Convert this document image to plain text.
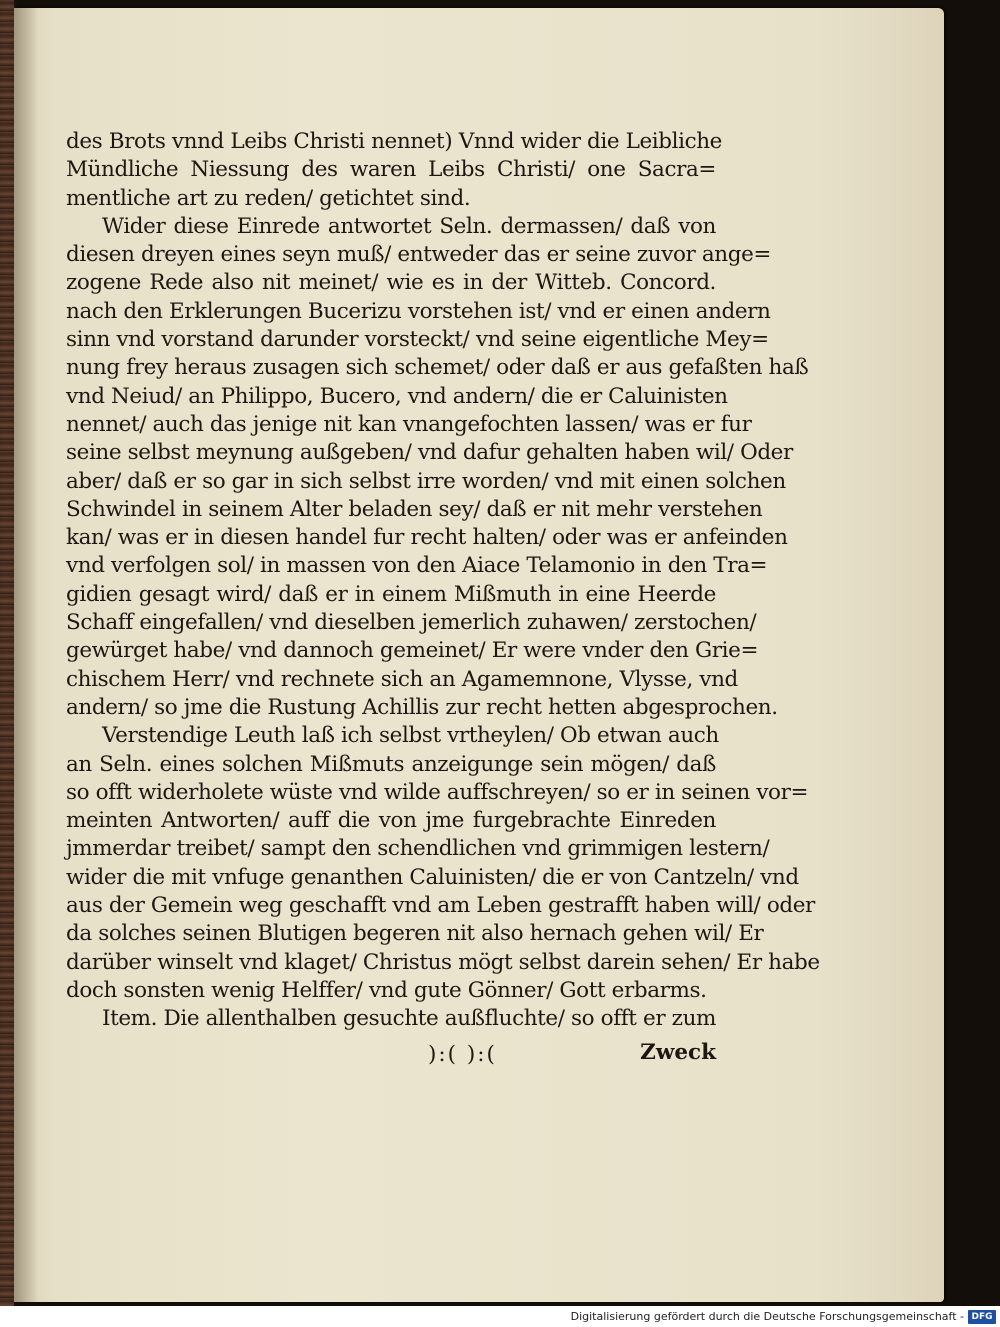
des Brots vnnd Leibs Christi nennet) Vnnd wider die Leibliche
Mündliche Niessung des waren Leibs Christi/ one Sacra=
mentliche art zu reden/ getichtet sind.
Wider diese Einrede antwortet Seln. dermassen/ daß von
diesen dreyen eines seyn muß/ entweder das er seine zuvor ange=
zogene Rede also nit meinet/ wie es in der Witteb. Concord.
nach den Erklerungen Bucerizu vorstehen ist/ vnd er einen andern
sinn vnd vorstand darunder vorsteckt/ vnd seine eigentliche Mey=
nung frey heraus zusagen sich schemet/ oder daß er aus gefaßten haß
vnd Neiud/ an Philippo, Bucero, vnd andern/ die er Caluinisten
nennet/ auch das jenige nit kan vnangefochten lassen/ was er fur
seine selbst meynung außgeben/ vnd dafur gehalten haben wil/ Oder
aber/ daß er so gar in sich selbst irre worden/ vnd mit einen solchen
Schwindel in seinem Alter beladen sey/ daß er nit mehr verstehen
kan/ was er in diesen handel fur recht halten/ oder was er anfeinden
vnd verfolgen sol/ in massen von den Aiace Telamonio in den Tra=
gidien gesagt wird/ daß er in einem Mißmuth in eine Heerde
Schaff eingefallen/ vnd dieselben jemerlich zuhawen/ zerstochen/
gewürget habe/ vnd dannoch gemeinet/ Er were vnder den Grie=
chischem Herr/ vnd rechnete sich an Agamemnone, Vlysse, vnd
andern/ so jme die Rustung Achillis zur recht hetten abgesprochen.
Verstendige Leuth laß ich selbst vrtheylen/ Ob etwan auch
an Seln. eines solchen Mißmuts anzeigunge sein mögen/ daß
so offt widerholete wüste vnd wilde auffschreyen/ so er in seinen vor=
meinten Antworten/ auff die von jme furgebrachte Einreden
jmmerdar treibet/ sampt den schendlichen vnd grimmigen lestern/
wider die mit vnfuge genanthen Caluinisten/ die er von Cantzeln/ vnd
aus der Gemein weg geschafft vnd am Leben gestrafft haben will/ oder
da solches seinen Blutigen begeren nit also hernach gehen wil/ Er
darüber winselt vnd klaget/ Christus mögt selbst darein sehen/ Er habe
doch sonsten wenig Helffer/ vnd gute Gönner/ Gott erbarms.
Item. Die allenthalben gesuchte außfluchte/ so offt er zum
):( ):(	Zweck
Digitalisierung gefördert durch die Deutsche Forschungsgemeinschaft - DFG
